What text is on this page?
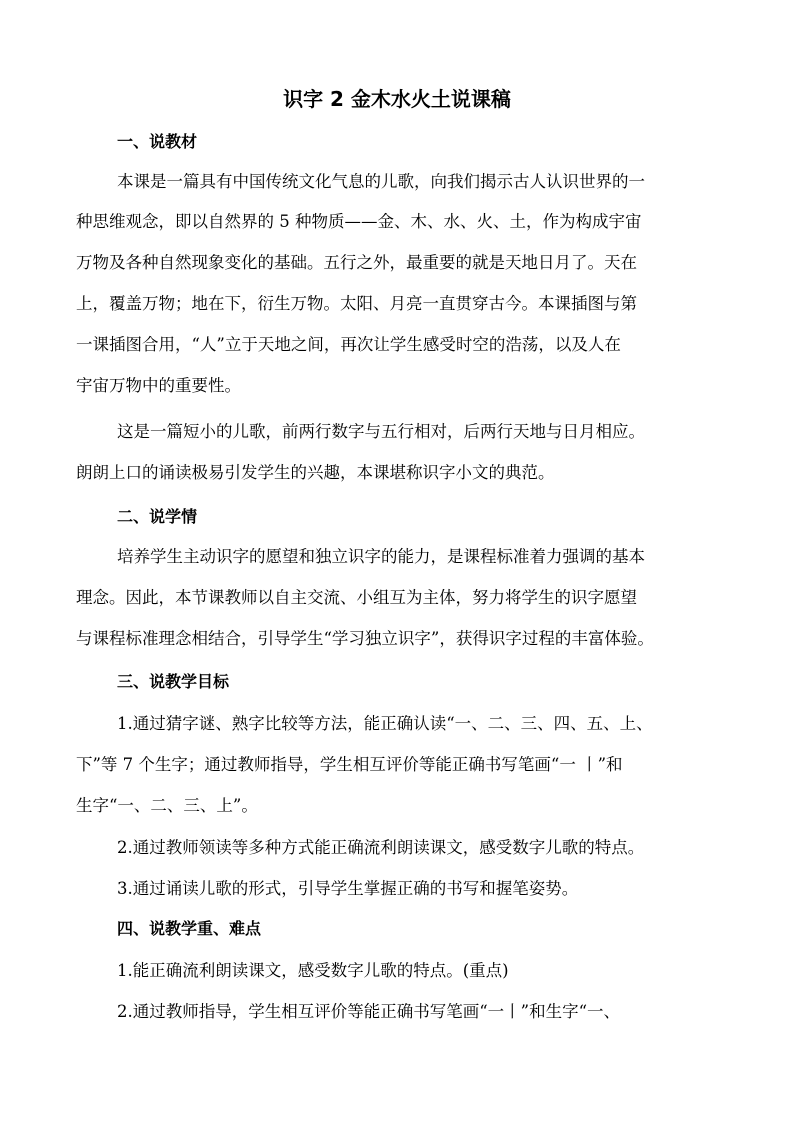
识字 2 金木水火土说课稿
一、说教材
本课是一篇具有中国传统文化气息的儿歌，向我们揭示古人认识世界的一
种思维观念，即以自然界的 5 种物质——金、木、水、火、土，作为构成宇宙
万物及各种自然现象变化的基础。五行之外，最重要的就是天地日月了。天在
上，覆盖万物；地在下，衍生万物。太阳、月亮一直贯穿古今。本课插图与第
一课插图合用，“人”立于天地之间，再次让学生感受时空的浩荡，以及人在
宇宙万物中的重要性。
这是一篇短小的儿歌，前两行数字与五行相对，后两行天地与日月相应。
朗朗上口的诵读极易引发学生的兴趣，本课堪称识字小文的典范。
二、说学情
培养学生主动识字的愿望和独立识字的能力，是课程标准着力强调的基本
理念。因此，本节课教师以自主交流、小组互为主体，努力将学生的识字愿望
与课程标准理念相结合，引导学生“学习独立识字”，获得识字过程的丰富体验。
三、说教学目标
1.通过猜字谜、熟字比较等方法，能正确认读“一、二、三、四、五、上、
下”等 7 个生字；通过教师指导，学生相互评价等能正确书写笔画“一 丨”和
生字“一、二、三、上”。
2.通过教师领读等多种方式能正确流利朗读课文，感受数字儿歌的特点。
3.通过诵读儿歌的形式，引导学生掌握正确的书写和握笔姿势。
四、说教学重、难点
1.能正确流利朗读课文，感受数字儿歌的特点。(重点)
2.通过教师指导，学生相互评价等能正确书写笔画“一丨”和生字“一、
